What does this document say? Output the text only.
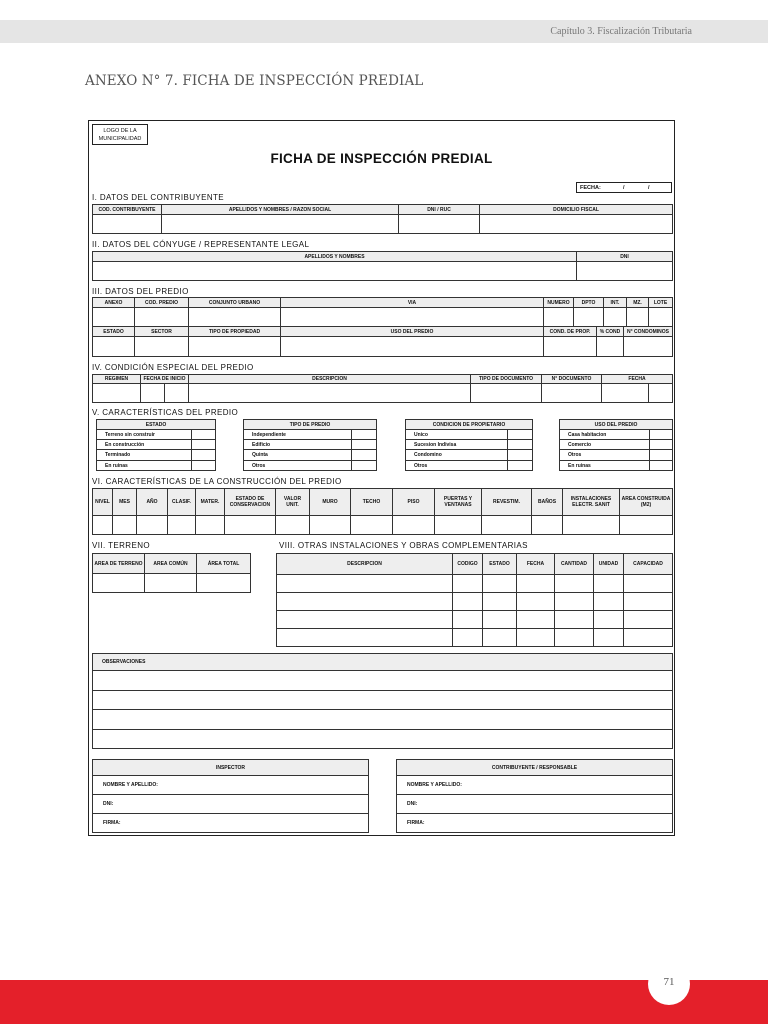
Capítulo 3. Fiscalización Tributaria
ANEXO N° 7. FICHA DE INSPECCIÓN PREDIAL
LOGO DE LA
MUNICIPALIDAD
FICHA DE INSPECCIÓN PREDIAL
FECHA:	/	/
I. DATOS DEL CONTRIBUYENTE
COD. CONTRIBUYENTE	APELLIDOS Y NOMBRES / RAZON SOCIAL	DNI / RUC	DOMICILIO FISCAL

II. DATOS DEL CÓNYUGE / REPRESENTANTE LEGAL
APELLIDOS Y NOMBRES	DNI

III. DATOS DEL PREDIO
ANEXO	COD. PREDIO	CONJUNTO URBANO	VIA	NUMERO	DPTO	INT.	MZ.	LOTE

ESTADO	SECTOR	TIPO DE PROPIEDAD	USO DEL PREDIO	COND. DE PROP.	% COND	N° CONDOMINOS

IV. CONDICIÓN ESPECIAL DEL PREDIO
REGIMEN	FECHA DE INICIO		DESCRIPCION	TIPO DE DOCUMENTO	N° DOCUMENTO	FECHA	

V. CARACTERÍSTICAS DEL PREDIO
ESTADO	
Terreno sin construir	
En construcción	
Terminado	
En ruinas	
TIPO DE PREDIO	
Independiente	
Edificio	
Quinta	
Otros	
CONDICION DE PROPIETARIO	
Unico	
Sucesion Indivisa	
Condomino	
Otros	
USO DEL PREDIO	
Casa habitacion	
Comercio	
Otros	
En ruinas	
VI. CARACTERÍSTICAS DE LA CONSTRUCCIÓN DEL PREDIO
NIVEL	MES	AÑO	CLASIF.	MATER.	ESTADO DE CONSERVACION	VALOR UNIT.	MURO	TECHO	PISO	PUERTAS Y VENTANAS	REVESTIM.	BAÑOS	INSTALACIONES ELECTR. SANIT	AREA CONSTRUIDA (M2)

VII. TERRENO
AREA DE TERRENO	AREA COMÚN	ÁREA TOTAL

VIII. OTRAS INSTALACIONES Y OBRAS COMPLEMENTARIAS
DESCRIPCION	CODIGO	ESTADO	FECHA	CANTIDAD	UNIDAD	CAPACIDAD

OBSERVACIONES

INSPECTOR
NOMBRE Y APELLIDO:
DNI:
FIRMA:
CONTRIBUYENTE / RESPONSABLE
NOMBRE Y APELLIDO:
DNI:
FIRMA:
71
